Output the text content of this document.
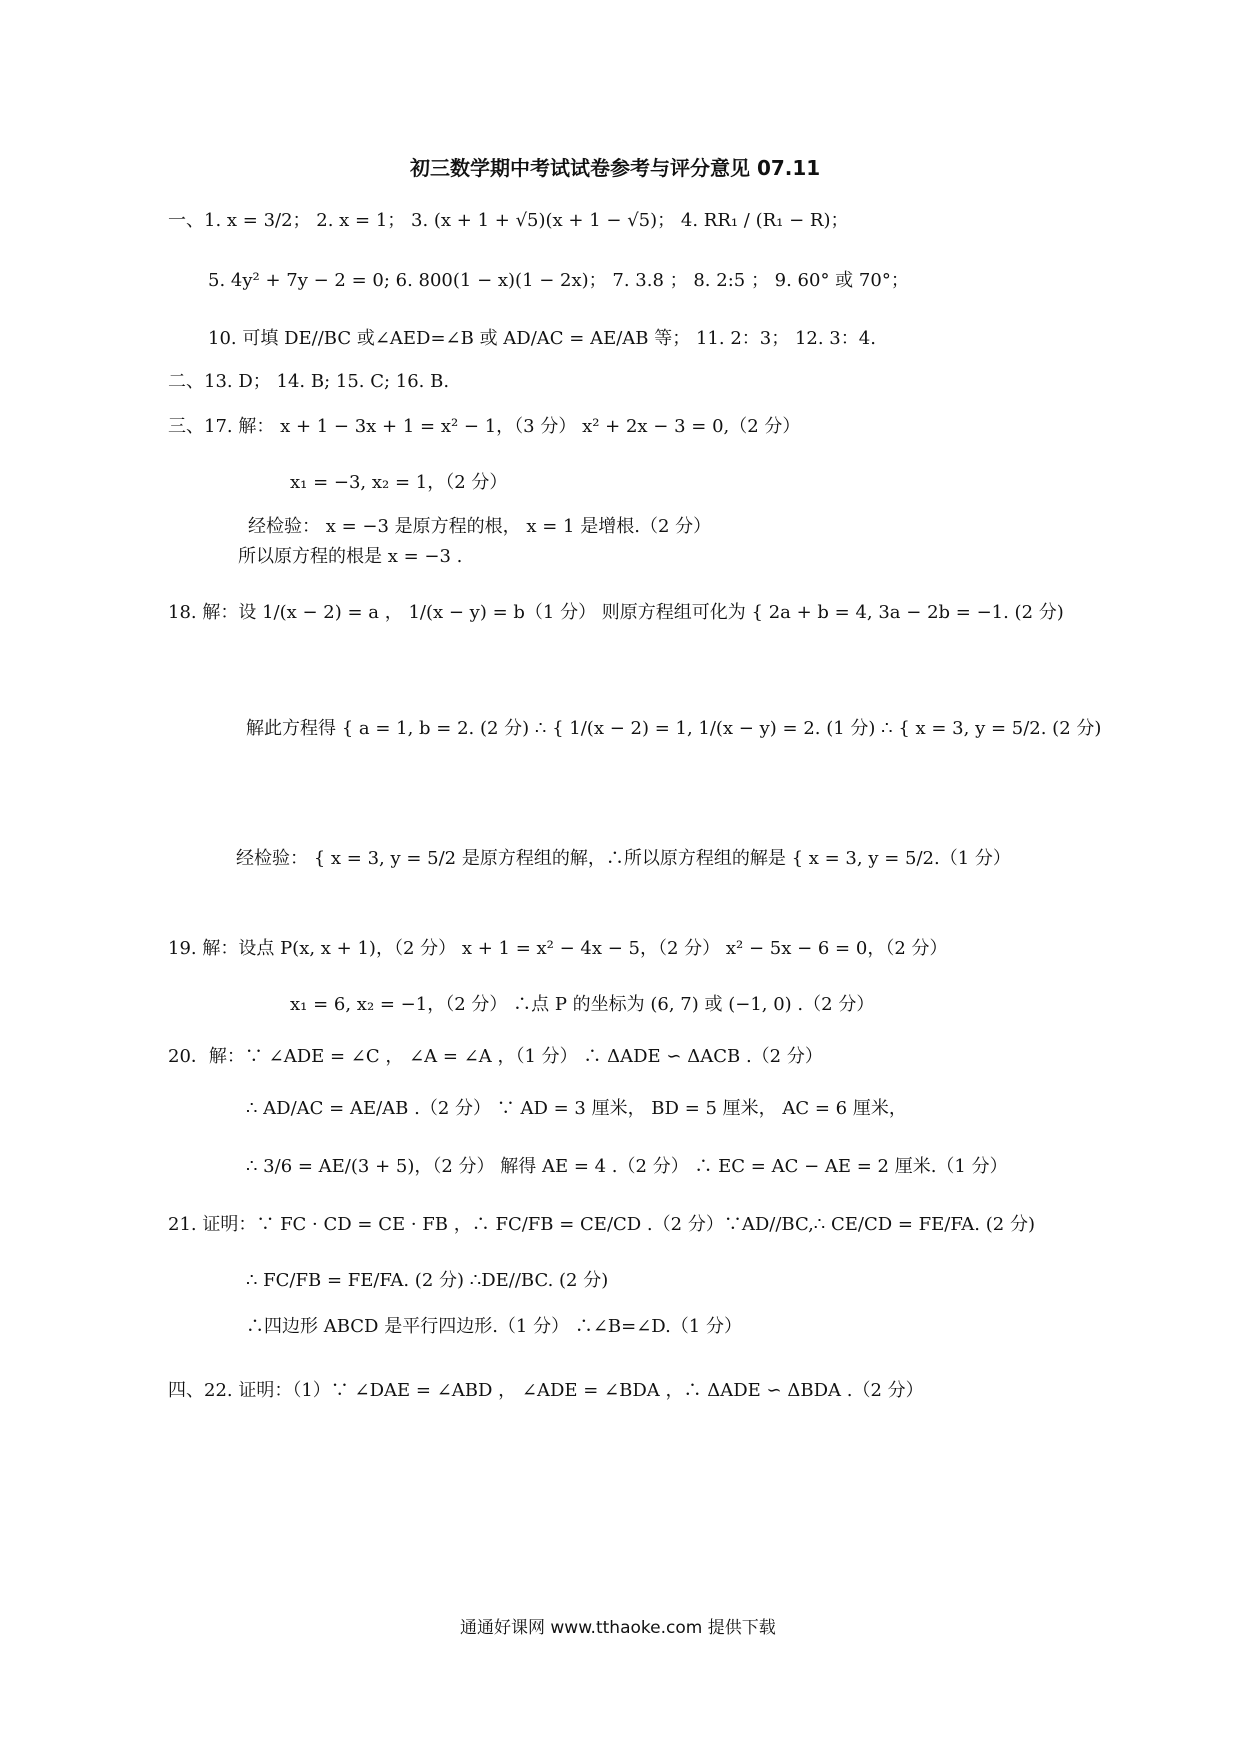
初三数学期中考试试卷参考与评分意见 07.11
一、1. x = 3/2； 2. x = 1； 3. (x + 1 + √5)(x + 1 − √5)； 4. RR₁ / (R₁ − R)；
5. 4y² + 7y − 2 = 0; 6. 800(1 − x)(1 − 2x)； 7. 3.8 ； 8. 2:5 ； 9. 60° 或 70°；
10. 可填 DE//BC 或∠AED=∠B 或 AD/AC = AE/AB 等； 11. 2：3； 12. 3：4.
二、13. D； 14. B; 15. C; 16. B.
三、17. 解： x + 1 − 3x + 1 = x² − 1，（3 分） x² + 2x − 3 = 0,（2 分）
x₁ = −3, x₂ = 1，（2 分）
经检验： x = −3 是原方程的根， x = 1 是增根.（2 分）
所以原方程的根是 x = −3 .
18. 解：设 1/(x − 2) = a ， 1/(x − y) = b（1 分） 则原方程组可化为 { 2a + b = 4, 3a − 2b = −1. (2 分)
解此方程得 { a = 1, b = 2. (2 分) ∴ { 1/(x − 2) = 1, 1/(x − y) = 2. (1 分) ∴ { x = 3, y = 5/2. (2 分)
经检验： { x = 3, y = 5/2 是原方程组的解，∴所以原方程组的解是 { x = 3, y = 5/2.（1 分）
19. 解：设点 P(x, x + 1)，（2 分） x + 1 = x² − 4x − 5，（2 分） x² − 5x − 6 = 0，（2 分）
x₁ = 6, x₂ = −1，（2 分） ∴点 P 的坐标为 (6, 7) 或 (−1, 0) .（2 分）
20．解：∵ ∠ADE = ∠C ， ∠A = ∠A ，（1 分） ∴ ΔADE ∽ ΔACB .（2 分）
∴ AD/AC = AE/AB .（2 分） ∵ AD = 3 厘米， BD = 5 厘米， AC = 6 厘米，
∴ 3/6 = AE/(3 + 5)，（2 分） 解得 AE = 4 .（2 分） ∴ EC = AC − AE = 2 厘米.（1 分）
21. 证明：∵ FC · CD = CE · FB ，∴ FC/FB = CE/CD .（2 分）∵AD//BC,∴ CE/CD = FE/FA. (2 分)
∴ FC/FB = FE/FA. (2 分) ∴DE//BC. (2 分)
∴四边形 ABCD 是平行四边形.（1 分） ∴∠B=∠D.（1 分）
四、22. 证明：（1）∵ ∠DAE = ∠ABD ， ∠ADE = ∠BDA ，∴ ΔADE ∽ ΔBDA .（2 分）
通通好课网 www.tthaoke.com 提供下载
